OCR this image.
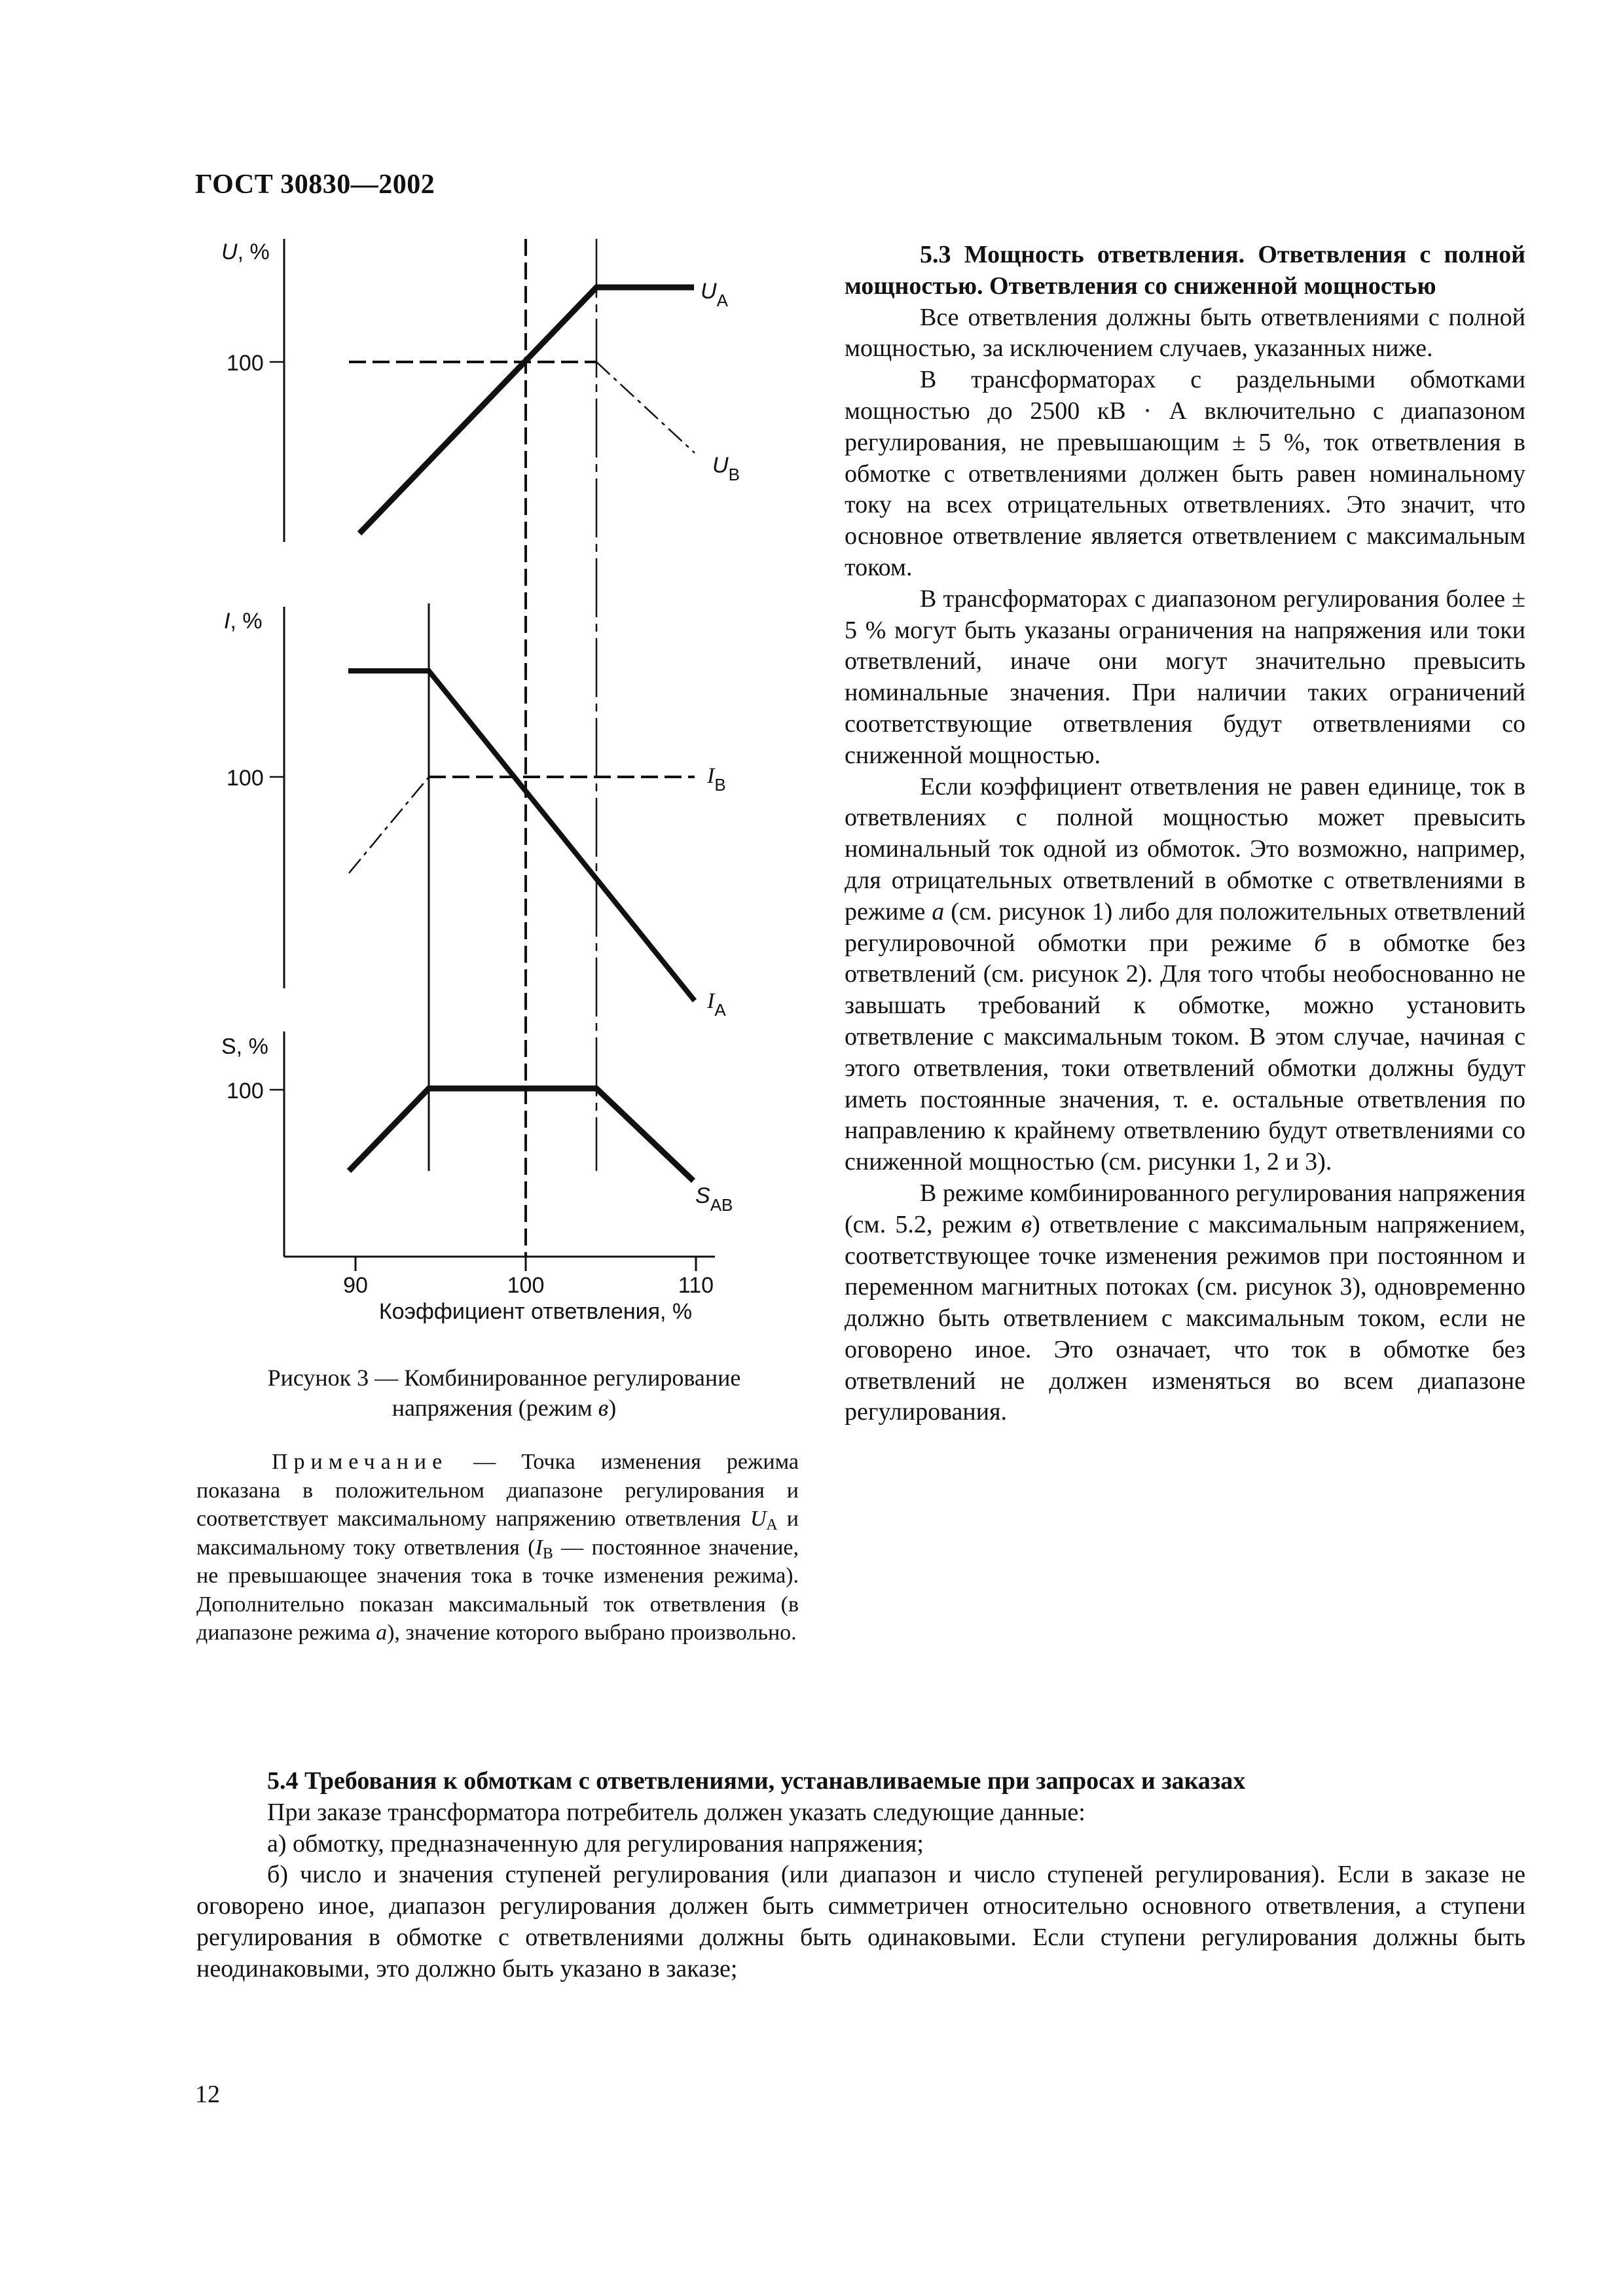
ГОСТ 30830—2002
U, %
100
I, %
100
S, %
100
90	100	110
Коэффициент ответвления, %
$U_A$
$U_B$
$I_B$
$I_A$
$S_{AB}$
Рисунок 3 — Комбинированное регулирование
напряжения (режим в)
Примечание — Точка изменения режима показана в положительном диапазоне регулирования и соответствует максимальному напряжению ответвления $U_A$ и максимальному току ответвления ($I_B$ — постоянное значение, не превышающее значения тока в точке изменения режима). Дополнительно показан максимальный ток ответвления (в диапазоне режима а), значение которого выбрано произвольно.

5.3 Мощность ответвления. Ответвления с полной мощностью. Ответвления со сниженной мощностью

Все ответвления должны быть ответвлениями с полной мощностью, за исключением случаев, указанных ниже.

В трансформаторах с раздельными обмотками мощностью до 2500 кВ · А включительно с диапазоном регулирования, не превышающим ± 5 %, ток ответвления в обмотке с ответвлениями должен быть равен номинальному току на всех отрицательных ответвлениях. Это значит, что основное ответвление является ответвлением с максимальным током.

В трансформаторах с диапазоном регулирования более ± 5 % могут быть указаны ограничения на напряжения или токи ответвлений, иначе они могут значительно превысить номинальные значения. При наличии таких ограничений соответствующие ответвления будут ответвлениями со сниженной мощностью.

Если коэффициент ответвления не равен единице, ток в ответвлениях с полной мощностью может превысить номинальный ток одной из обмоток. Это возможно, например, для отрицательных ответвлений в обмотке с ответвлениями в режиме а (см. рисунок 1) либо для положительных ответвлений регулировочной обмотки при режиме б в обмотке без ответвлений (см. рисунок 2). Для того чтобы необоснованно не завышать требований к обмотке, можно установить ответвление с максимальным током. В этом случае, начиная с этого ответвления, токи ответвлений обмотки должны будут иметь постоянные значения, т. е. остальные ответвления по направлению к крайнему ответвлению будут ответвлениями со сниженной мощностью (см. рисунки 1, 2 и 3).

В режиме комбинированного регулирования напряжения (см. 5.2, режим в) ответвление с максимальным напряжением, соответствующее точке изменения режимов при постоянном и переменном магнитных потоках (см. рисунок 3), одновременно должно быть ответвлением с максимальным током, если не оговорено иное. Это означает, что ток в обмотке без ответвлений не должен изменяться во всем диапазоне регулирования.

5.4 Требования к обмоткам с ответвлениями, устанавливаемые при запросах и заказах

При заказе трансформатора потребитель должен указать следующие данные:

а) обмотку, предназначенную для регулирования напряжения;

б) число и значения ступеней регулирования (или диапазон и число ступеней регулирования). Если в заказе не оговорено иное, диапазон регулирования должен быть симметричен относительно основного ответвления, а ступени регулирования в обмотке с ответвлениями должны быть одинаковыми. Если ступени регулирования должны быть неодинаковыми, это должно быть указано в заказе;

12
